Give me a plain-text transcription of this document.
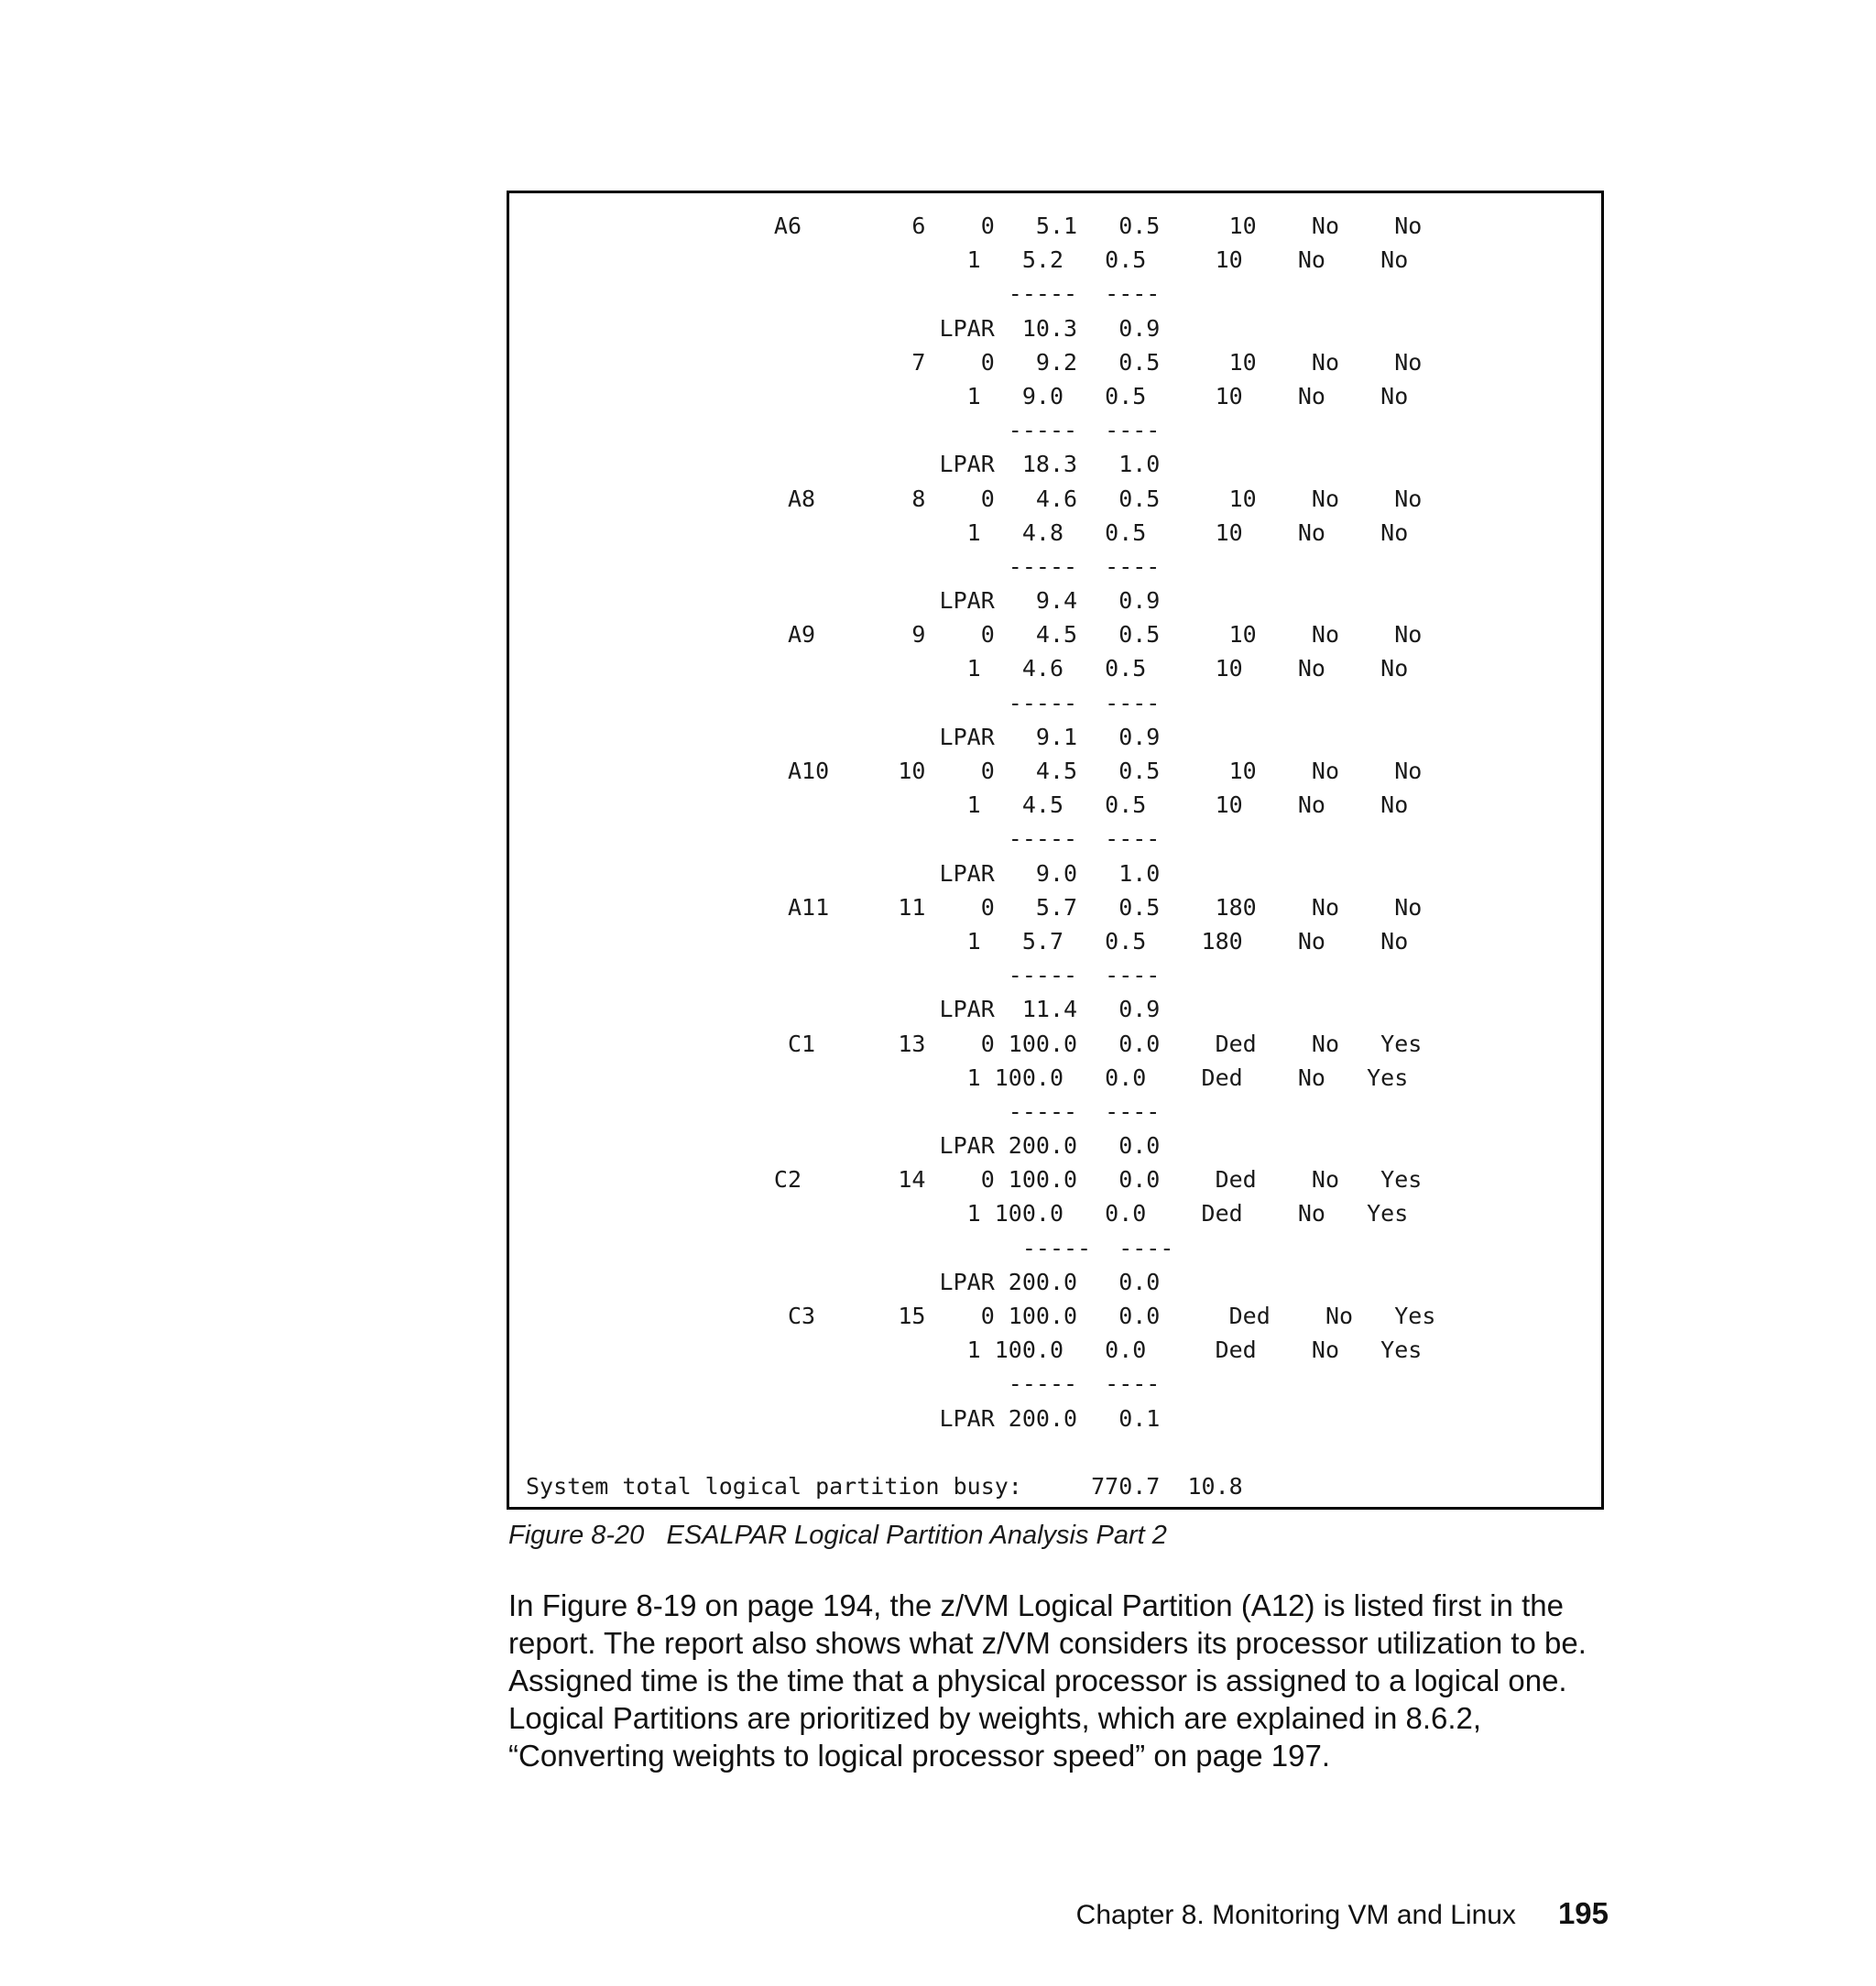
A6        6    0   5.1   0.5     10    No    No
1   5.2   0.5     10    No    No
-----  ----
LPAR  10.3   0.9
7    0   9.2   0.5     10    No    No
1   9.0   0.5     10    No    No
-----  ----
LPAR  18.3   1.0
A8       8    0   4.6   0.5     10    No    No
1   4.8   0.5     10    No    No
-----  ----
LPAR   9.4   0.9
A9       9    0   4.5   0.5     10    No    No
1   4.6   0.5     10    No    No
-----  ----
LPAR   9.1   0.9
A10     10    0   4.5   0.5     10    No    No
1   4.5   0.5     10    No    No
-----  ----
LPAR   9.0   1.0
A11     11    0   5.7   0.5    180    No    No
1   5.7   0.5    180    No    No
-----  ----
LPAR  11.4   0.9
C1      13    0 100.0   0.0    Ded    No   Yes
1 100.0   0.0    Ded    No   Yes
-----  ----
LPAR 200.0   0.0
C2       14    0 100.0   0.0    Ded    No   Yes
1 100.0   0.0    Ded    No   Yes
-----  ----
LPAR 200.0   0.0
C3      15    0 100.0   0.0     Ded    No   Yes
1 100.0   0.0     Ded    No   Yes
-----  ----
LPAR 200.0   0.1
System total logical partition busy:     770.7  10.8
Figure 8-20   ESALPAR Logical Partition Analysis Part 2
In Figure 8-19 on page 194, the z/VM Logical Partition (A12) is listed first in the
report. The report also shows what z/VM considers its processor utilization to be.
Assigned time is the time that a physical processor is assigned to a logical one.
Logical Partitions are prioritized by weights, which are explained in 8.6.2,
“Converting weights to logical processor speed” on page 197.
Chapter 8. Monitoring VM and Linux 195
